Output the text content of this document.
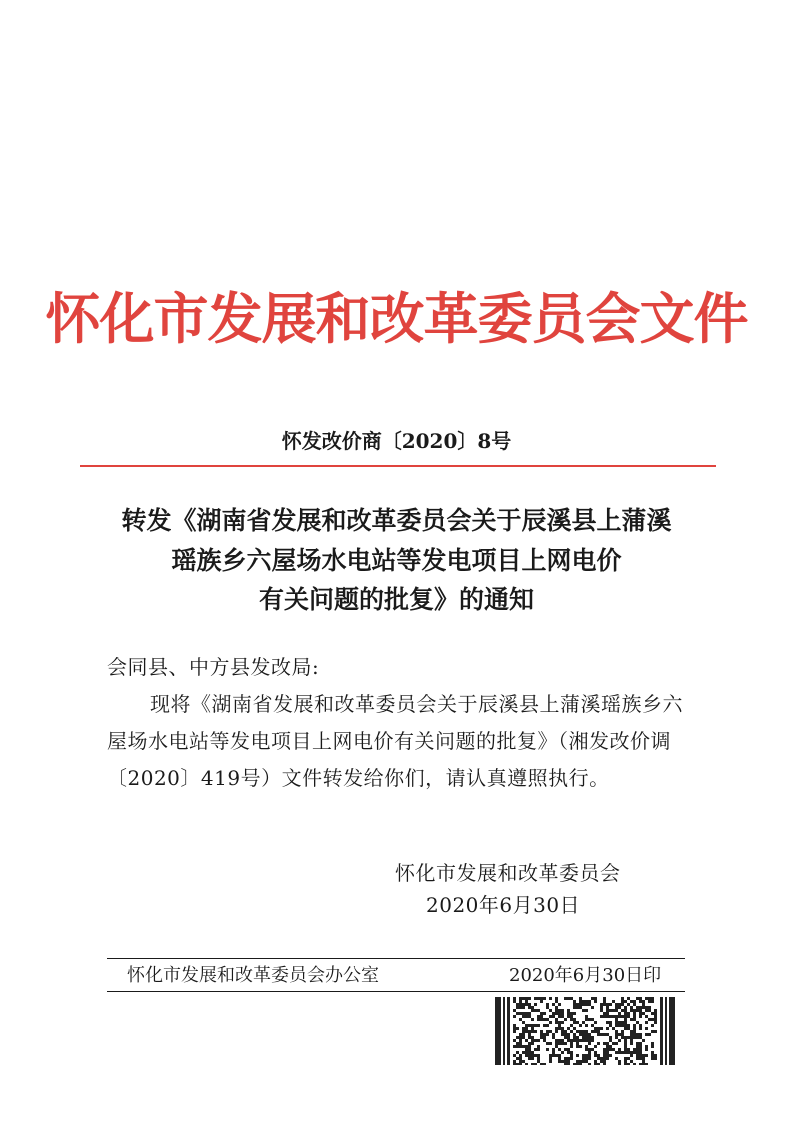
怀化市发展和改革委员会文件
怀发改价商〔2020〕8号
转发《湖南省发展和改革委员会关于辰溪县上蒲溪
瑶族乡六屋场水电站等发电项目上网电价
有关问题的批复》的通知
会同县、中方县发改局:
现将《湖南省发展和改革委员会关于辰溪县上蒲溪瑶族乡六
屋场水电站等发电项目上网电价有关问题的批复》（湘发改价调
〔2020〕419号）文件转发给你们，请认真遵照执行。
怀化市发展和改革委员会
2020年6月30日
怀化市发展和改革委员会办公室	2020年6月30日印
